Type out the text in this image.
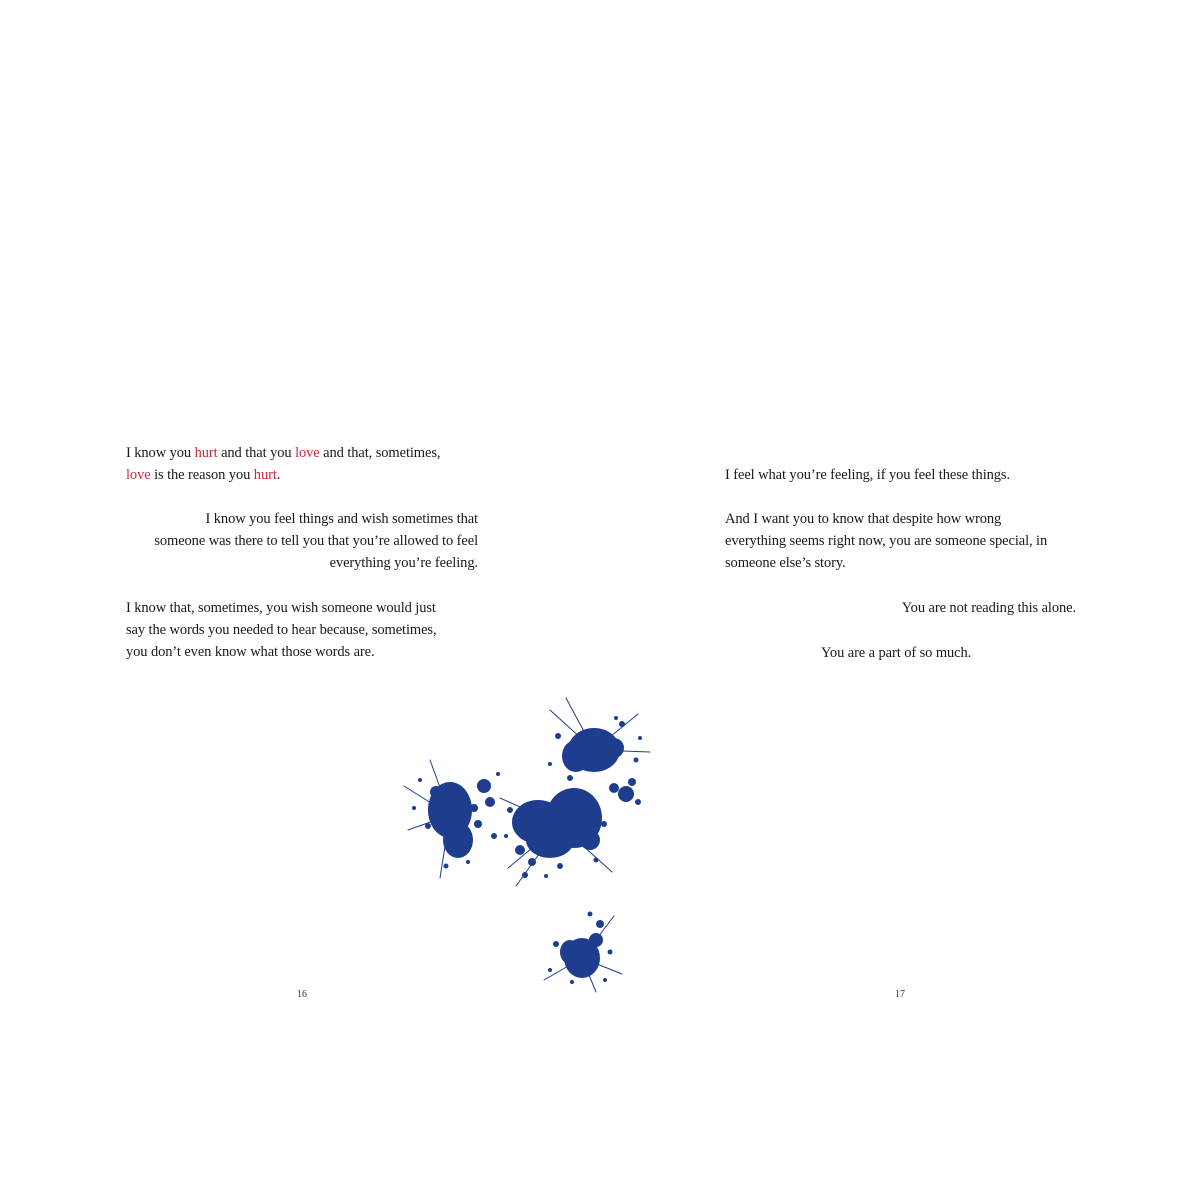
I know you hurt and that you love and that, sometimes,
love is the reason you hurt.

I know you feel things and wish sometimes that
someone was there to tell you that you’re allowed to feel
everything you’re feeling.

I know that, sometimes, you wish someone would just
say the words you needed to hear because, sometimes,
you don’t even know what those words are.

16

I feel what you’re feeling, if you feel these things.

And I want you to know that despite how wrong
everything seems right now, you are someone special, in
someone else’s story.

You are not reading this alone.

You are a part of so much.

17
